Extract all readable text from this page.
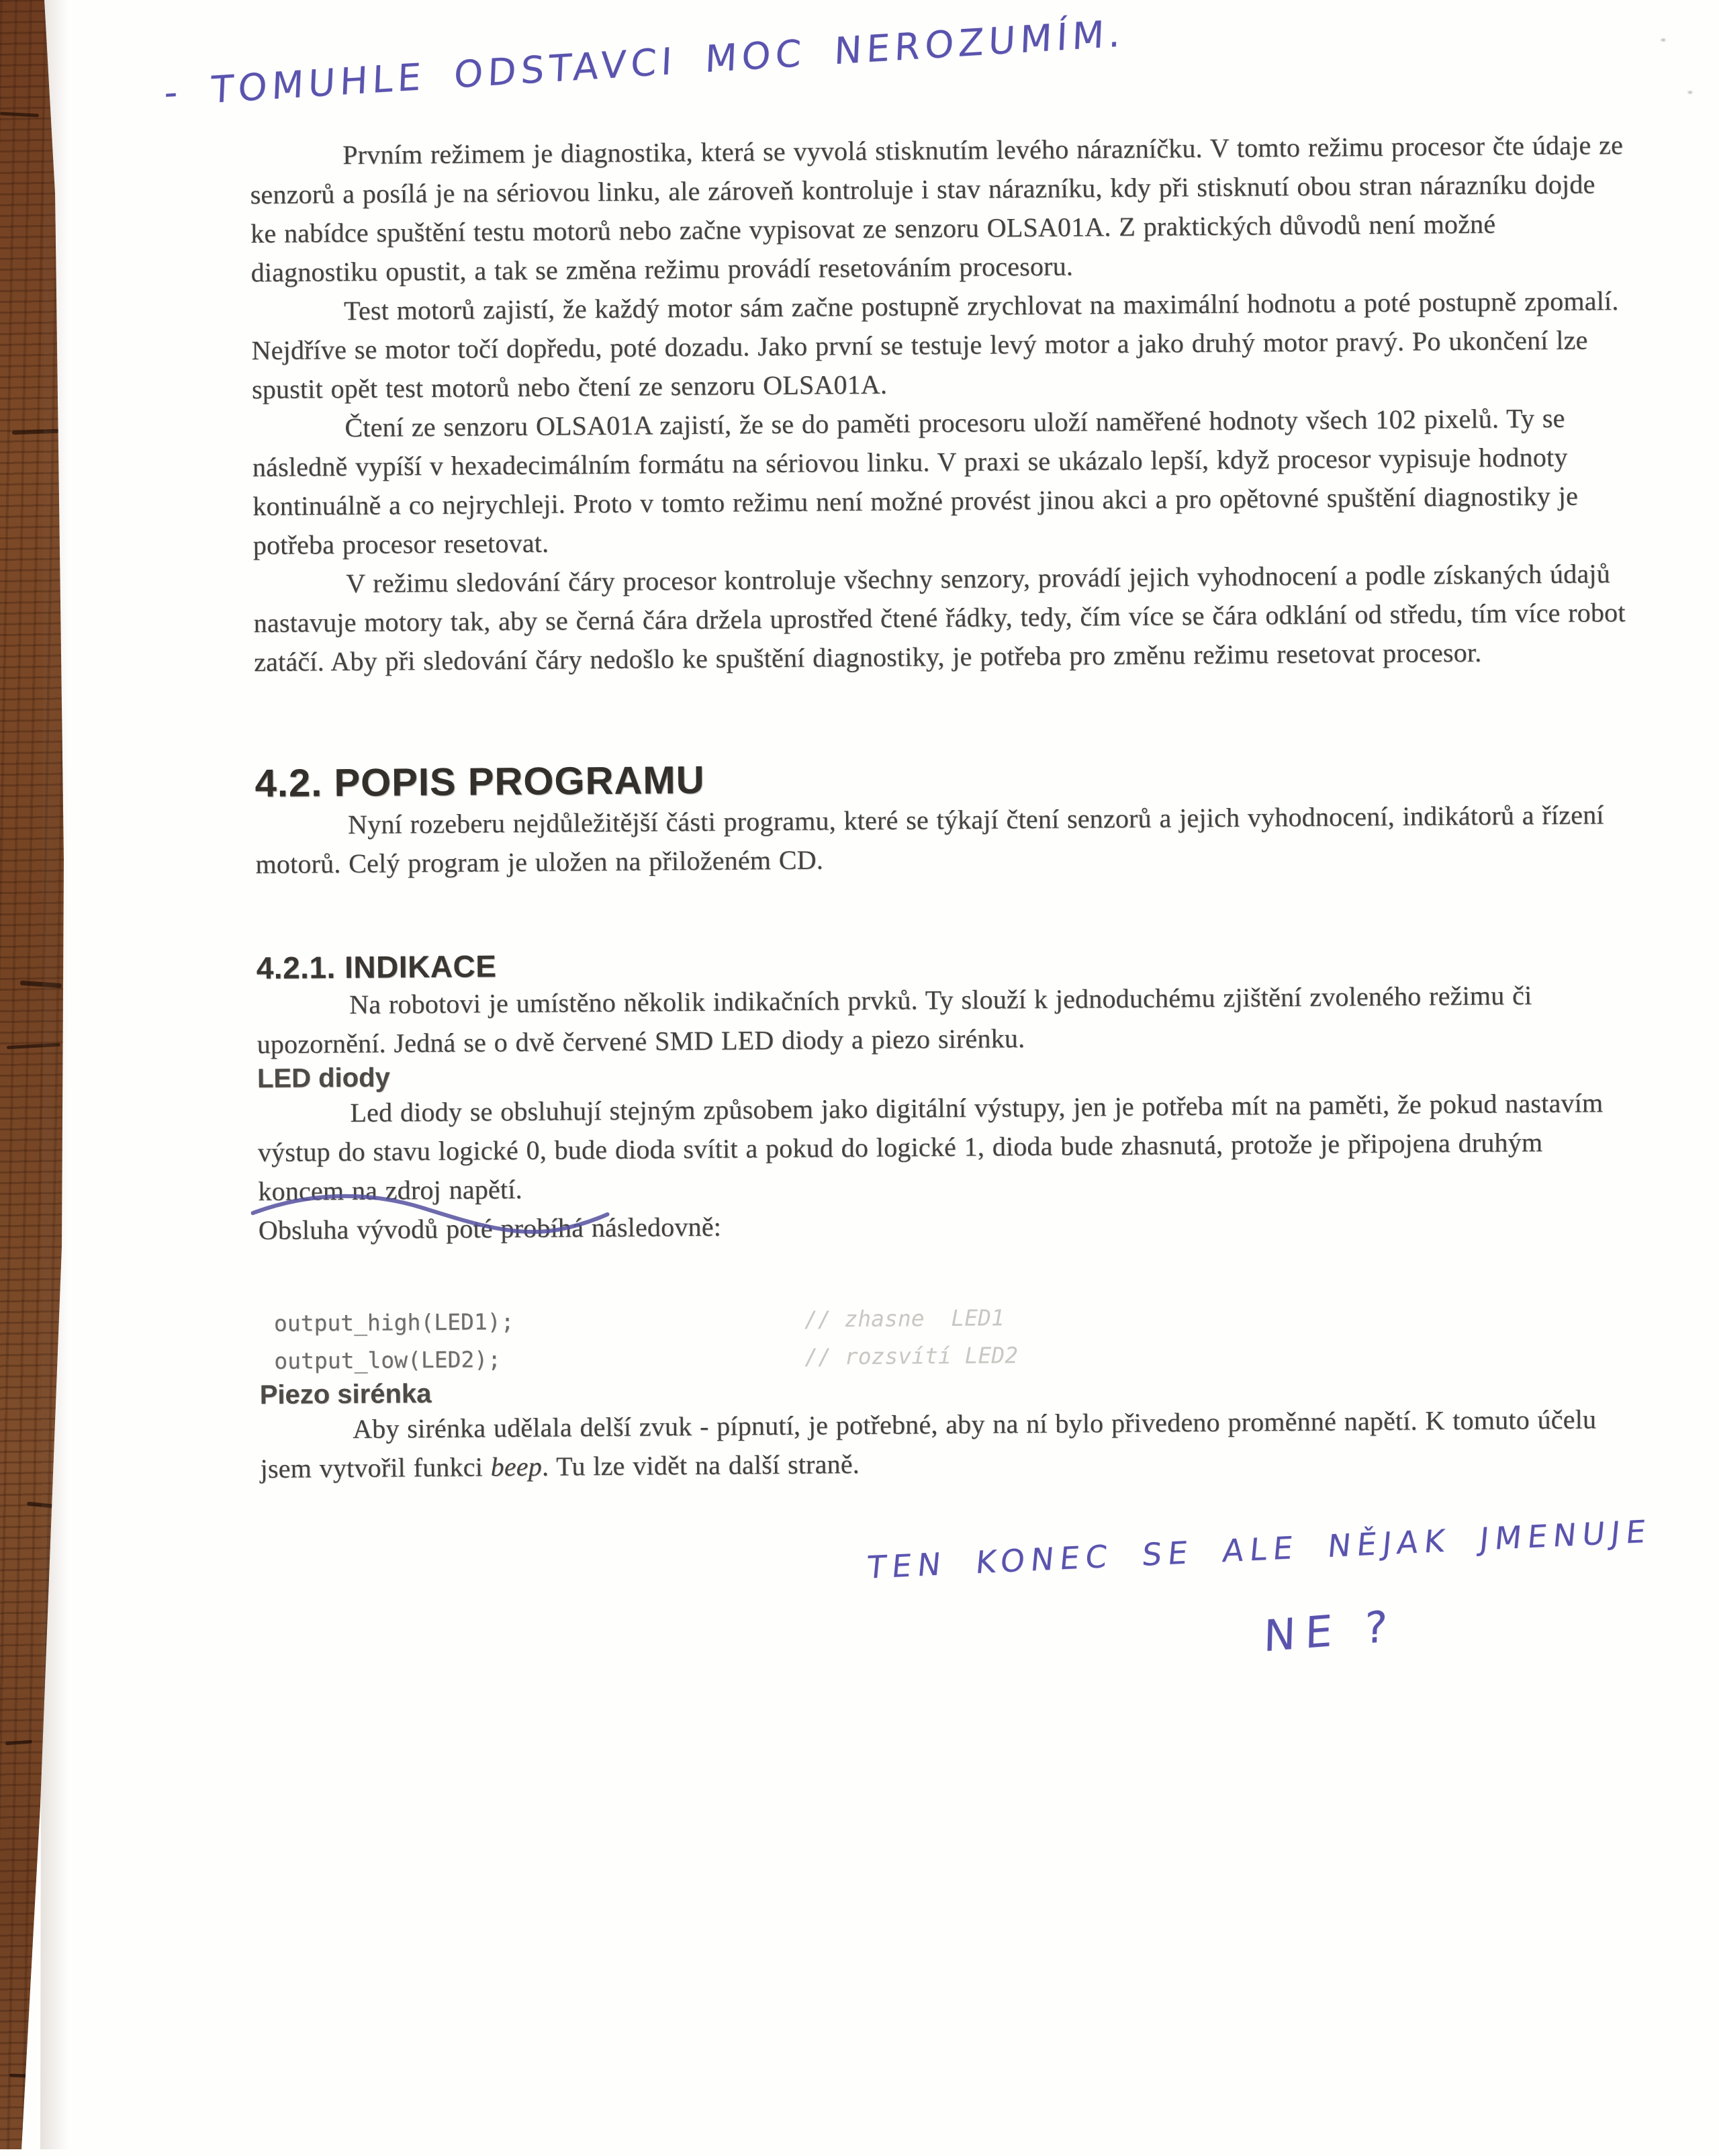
- TOMUHLE ODSTAVCI MOC NEROZUMÍM.

Prvním režimem je diagnostika, která se vyvolá stisknutím levého nárazníčku. V tomto režimu procesor čte údaje ze senzorů a posílá je na sériovou linku, ale zároveň kontroluje i stav nárazníku, kdy při stisknutí obou stran nárazníku dojde ke nabídce spuštění testu motorů nebo začne vypisovat ze senzoru OLSA01A. Z praktických důvodů není možné diagnostiku opustit, a tak se změna režimu provádí resetováním procesoru.

Test motorů zajistí, že každý motor sám začne postupně zrychlovat na maximální hodnotu a poté postupně zpomalí. Nejdříve se motor točí dopředu, poté dozadu. Jako první se testuje levý motor a jako druhý motor pravý. Po ukončení lze spustit opět test motorů nebo čtení ze senzoru OLSA01A.

Čtení ze senzoru OLSA01A zajistí, že se do paměti procesoru uloží naměřené hodnoty všech 102 pixelů. Ty se následně vypíší v hexadecimálním formátu na sériovou linku. V praxi se ukázalo lepší, když procesor vypisuje hodnoty kontinuálně a co nejrychleji. Proto v tomto režimu není možné provést jinou akci a pro opětovné spuštění diagnostiky je potřeba procesor resetovat.

V režimu sledování čáry procesor kontroluje všechny senzory, provádí jejich vyhodnocení a podle získaných údajů nastavuje motory tak, aby se černá čára držela uprostřed čtené řádky, tedy, čím více se čára odklání od středu, tím více robot zatáčí. Aby při sledování čáry nedošlo ke spuštění diagnostiky, je potřeba pro změnu režimu resetovat procesor.

4.2. POPIS PROGRAMU

Nyní rozeberu nejdůležitější části programu, které se týkají čtení senzorů a jejich vyhodnocení, indikátorů a řízení motorů. Celý program je uložen na přiloženém CD.

4.2.1. INDIKACE

Na robotovi je umístěno několik indikačních prvků. Ty slouží k jednoduchému zjištění zvoleného režimu či upozornění. Jedná se o dvě červené SMD LED diody a piezo sirénku.

LED diody

Led diody se obsluhují stejným způsobem jako digitální výstupy, jen je potřeba mít na paměti, že pokud nastavím výstup do stavu logické 0, bude dioda svítit a pokud do logické 1, dioda bude zhasnutá, protože je připojena druhým koncem na zdroj napětí.

Obsluha vývodů poté probíhá následovně:

output_high(LED1);	// zhasne  LED1
output_low(LED2);	// rozsvítí LED2
Piezo sirénka

Aby sirénka udělala delší zvuk - pípnutí, je potřebné, aby na ní bylo přivedeno proměnné napětí. K tomuto účelu jsem vytvořil funkci beep. Tu lze vidět na další straně.

TEN KONEC SE ALE NĚJAK JMENUJE
NE ?
